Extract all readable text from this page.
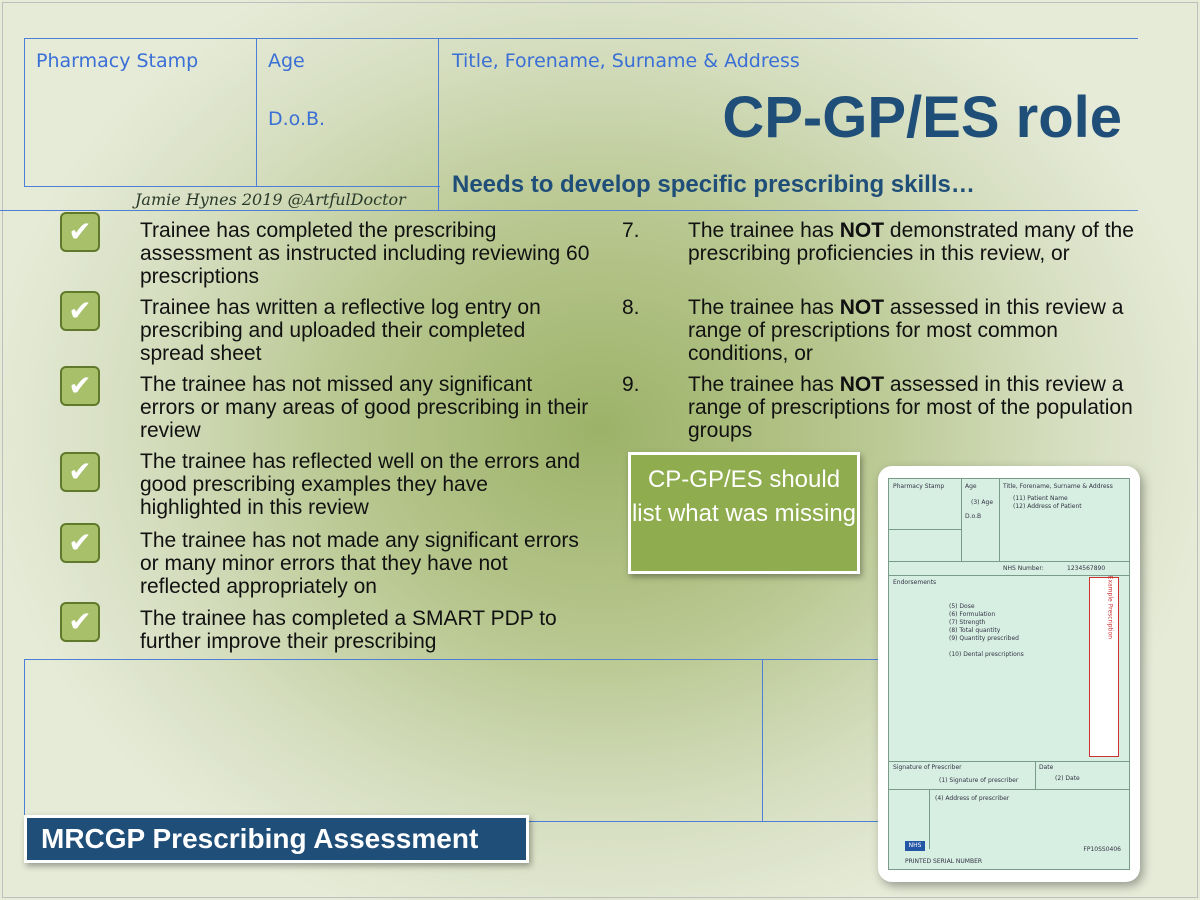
Pharmacy Stamp	Age
D.o.B.
Title, Forename, Surname & Address
CP-GP/ES role
Needs to develop specific prescribing skills…
Jamie Hynes 2019 @ArtfulDoctor
✔	Trainee has completed the prescribing assessment as instructed including reviewing 60 prescriptions
✔	Trainee has written a reflective log entry on prescribing and uploaded their completed spread sheet
✔	The trainee has not missed any significant errors or many areas of good prescribing in their review
✔	The trainee has reflected well on the errors and good prescribing examples they have highlighted in this review
✔	The trainee has not made any significant errors or many minor errors that they have not reflected appropriately on
✔	The trainee has completed a SMART PDP to further improve their prescribing
7. The trainee has NOT demonstrated many of the prescribing proficiencies in this review, or
8. The trainee has NOT assessed in this review a range of prescriptions for most common conditions, or
9. The trainee has NOT assessed in this review a range of prescriptions for most of the population groups
CP-GP/ES should list what was missing
MRCGP Prescribing Assessment
Pharmacy Stamp	Age
(3) Age
D.o.B
Title, Forename, Surname & Address
(11) Patient Name
(12) Address of Patient
NHS Number:	1234567890
Endorsements
(5) Dose
(6) Formulation
(7) Strength
(8) Total quantity
(9) Quantity prescribed
(10) Dental prescriptions
Example Prescription
Signature of Prescriber
(1) Signature of prescriber
Date
(2) Date
(4) Address of prescriber
FP10SS0406
NHS
PRINTED SERIAL NUMBER
